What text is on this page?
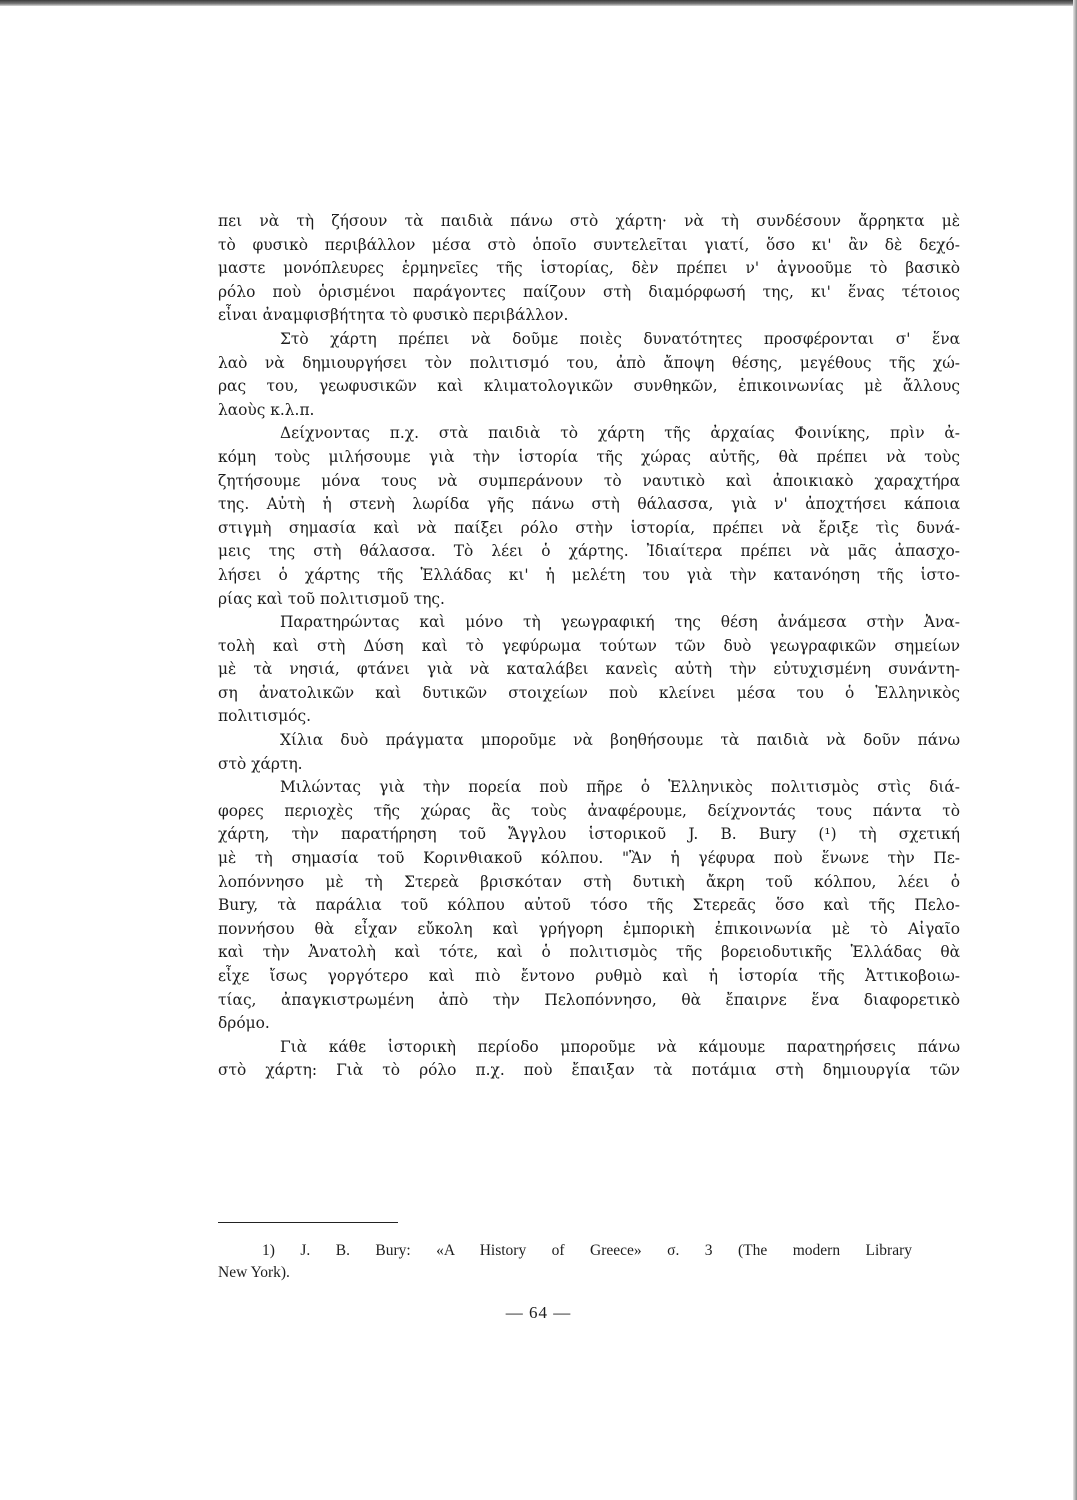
πει νὰ τὴ ζήσουν τὰ παιδιὰ πάνω στὸ χάρτη· νὰ τὴ συνδέσουν ἄρρηκτα μὲ
τὸ φυσικὸ περιβάλλον μέσα στὸ ὁποῖο συντελεῖται γιατί, ὅσο κι' ἂν δὲ δεχό-
μαστε μονόπλευρες ἑρμηνεῖες τῆς ἱστορίας, δὲν πρέπει ν' ἀγνοοῦμε τὸ βασικὸ
ρόλο ποὺ ὁρισμένοι παράγοντες παίζουν στὴ διαμόρφωσή της, κι' ἕνας τέτοιος
εἶναι ἀναμφισβήτητα τὸ φυσικὸ περιβάλλον.
Στὸ χάρτη πρέπει νὰ δοῦμε ποιὲς δυνατότητες προσφέρονται σ' ἕνα
λαὸ νὰ δημιουργήσει τὸν πολιτισμό του, ἀπὸ ἄποψη θέσης, μεγέθους τῆς χώ-
ρας του, γεωφυσικῶν καὶ κλιματολογικῶν συνθηκῶν, ἐπικοινωνίας μὲ ἄλλους
λαοὺς κ.λ.π.
Δείχνοντας π.χ. στὰ παιδιὰ τὸ χάρτη τῆς ἀρχαίας Φοινίκης, πρὶν ἀ-
κόμη τοὺς μιλήσουμε γιὰ τὴν ἱστορία τῆς χώρας αὐτῆς, θὰ πρέπει νὰ τοὺς
ζητήσουμε μόνα τους νὰ συμπεράνουν τὸ ναυτικὸ καὶ ἀποικιακὸ χαραχτήρα
της. Αὐτὴ ἡ στενὴ λωρίδα γῆς πάνω στὴ θάλασσα, γιὰ ν' ἀποχτήσει κάποια
στιγμὴ σημασία καὶ νὰ παίξει ρόλο στὴν ἱστορία, πρέπει νὰ ἔριξε τὶς δυνά-
μεις της στὴ θάλασσα. Τὸ λέει ὁ χάρτης. Ἰδιαίτερα πρέπει νὰ μᾶς ἀπασχο-
λήσει ὁ χάρτης τῆς Ἑλλάδας κι' ἡ μελέτη του γιὰ τὴν κατανόηση τῆς ἱστο-
ρίας καὶ τοῦ πολιτισμοῦ της.
Παρατηρώντας καὶ μόνο τὴ γεωγραφική της θέση ἀνάμεσα στὴν Ἀνα-
τολὴ καὶ στὴ Δύση καὶ τὸ γεφύρωμα τούτων τῶν δυὸ γεωγραφικῶν σημείων
μὲ τὰ νησιά, φτάνει γιὰ νὰ καταλάβει κανεὶς αὐτὴ τὴν εὐτυχισμένη συνάντη-
ση ἀνατολικῶν καὶ δυτικῶν στοιχείων ποὺ κλείνει μέσα του ὁ Ἑλληνικὸς
πολιτισμός.
Χίλια δυὸ πράγματα μποροῦμε νὰ βοηθήσουμε τὰ παιδιὰ νὰ δοῦν πάνω
στὸ χάρτη.
Μιλώντας γιὰ τὴν πορεία ποὺ πῆρε ὁ Ἑλληνικὸς πολιτισμὸς στὶς διά-
φορες περιοχὲς τῆς χώρας ἂς τοὺς ἀναφέρουμε, δείχνοντάς τους πάντα τὸ
χάρτη, τὴν παρατήρηση τοῦ Ἄγγλου ἱστορικοῦ J. B. Bury (¹) τὴ σχετική
μὲ τὴ σημασία τοῦ Κορινθιακοῦ κόλπου. "Ἂν ἡ γέφυρα ποὺ ἕνωνε τὴν Πε-
λοπόννησο μὲ τὴ Στερεὰ βρισκόταν στὴ δυτικὴ ἄκρη τοῦ κόλπου, λέει ὁ
Bury, τὰ παράλια τοῦ κόλπου αὐτοῦ τόσο τῆς Στερεᾶς ὅσο καὶ τῆς Πελο-
ποννήσου θὰ εἶχαν εὔκολη καὶ γρήγορη ἐμπορικὴ ἐπικοινωνία μὲ τὸ Αἰγαῖο
καὶ τὴν Ἀνατολὴ καὶ τότε, καὶ ὁ πολιτισμὸς τῆς βορειοδυτικῆς Ἑλλάδας θὰ
εἶχε ἴσως γοργότερο καὶ πιὸ ἔντονο ρυθμὸ καὶ ἡ ἱστορία τῆς Ἀττικοβοιω-
τίας, ἀπαγκιστρωμένη ἀπὸ τὴν Πελοπόννησο, θὰ ἔπαιρνε ἕνα διαφορετικὸ
δρόμο.
Γιὰ κάθε ἱστορικὴ περίοδο μποροῦμε νὰ κάμουμε παρατηρήσεις πάνω
στὸ χάρτη: Γιὰ τὸ ρόλο π.χ. ποὺ ἔπαιξαν τὰ ποτάμια στὴ δημιουργία τῶν
1) J. B. Bury: «A History of Greece» σ. 3 (The modern Library
New York).
— 64 —
